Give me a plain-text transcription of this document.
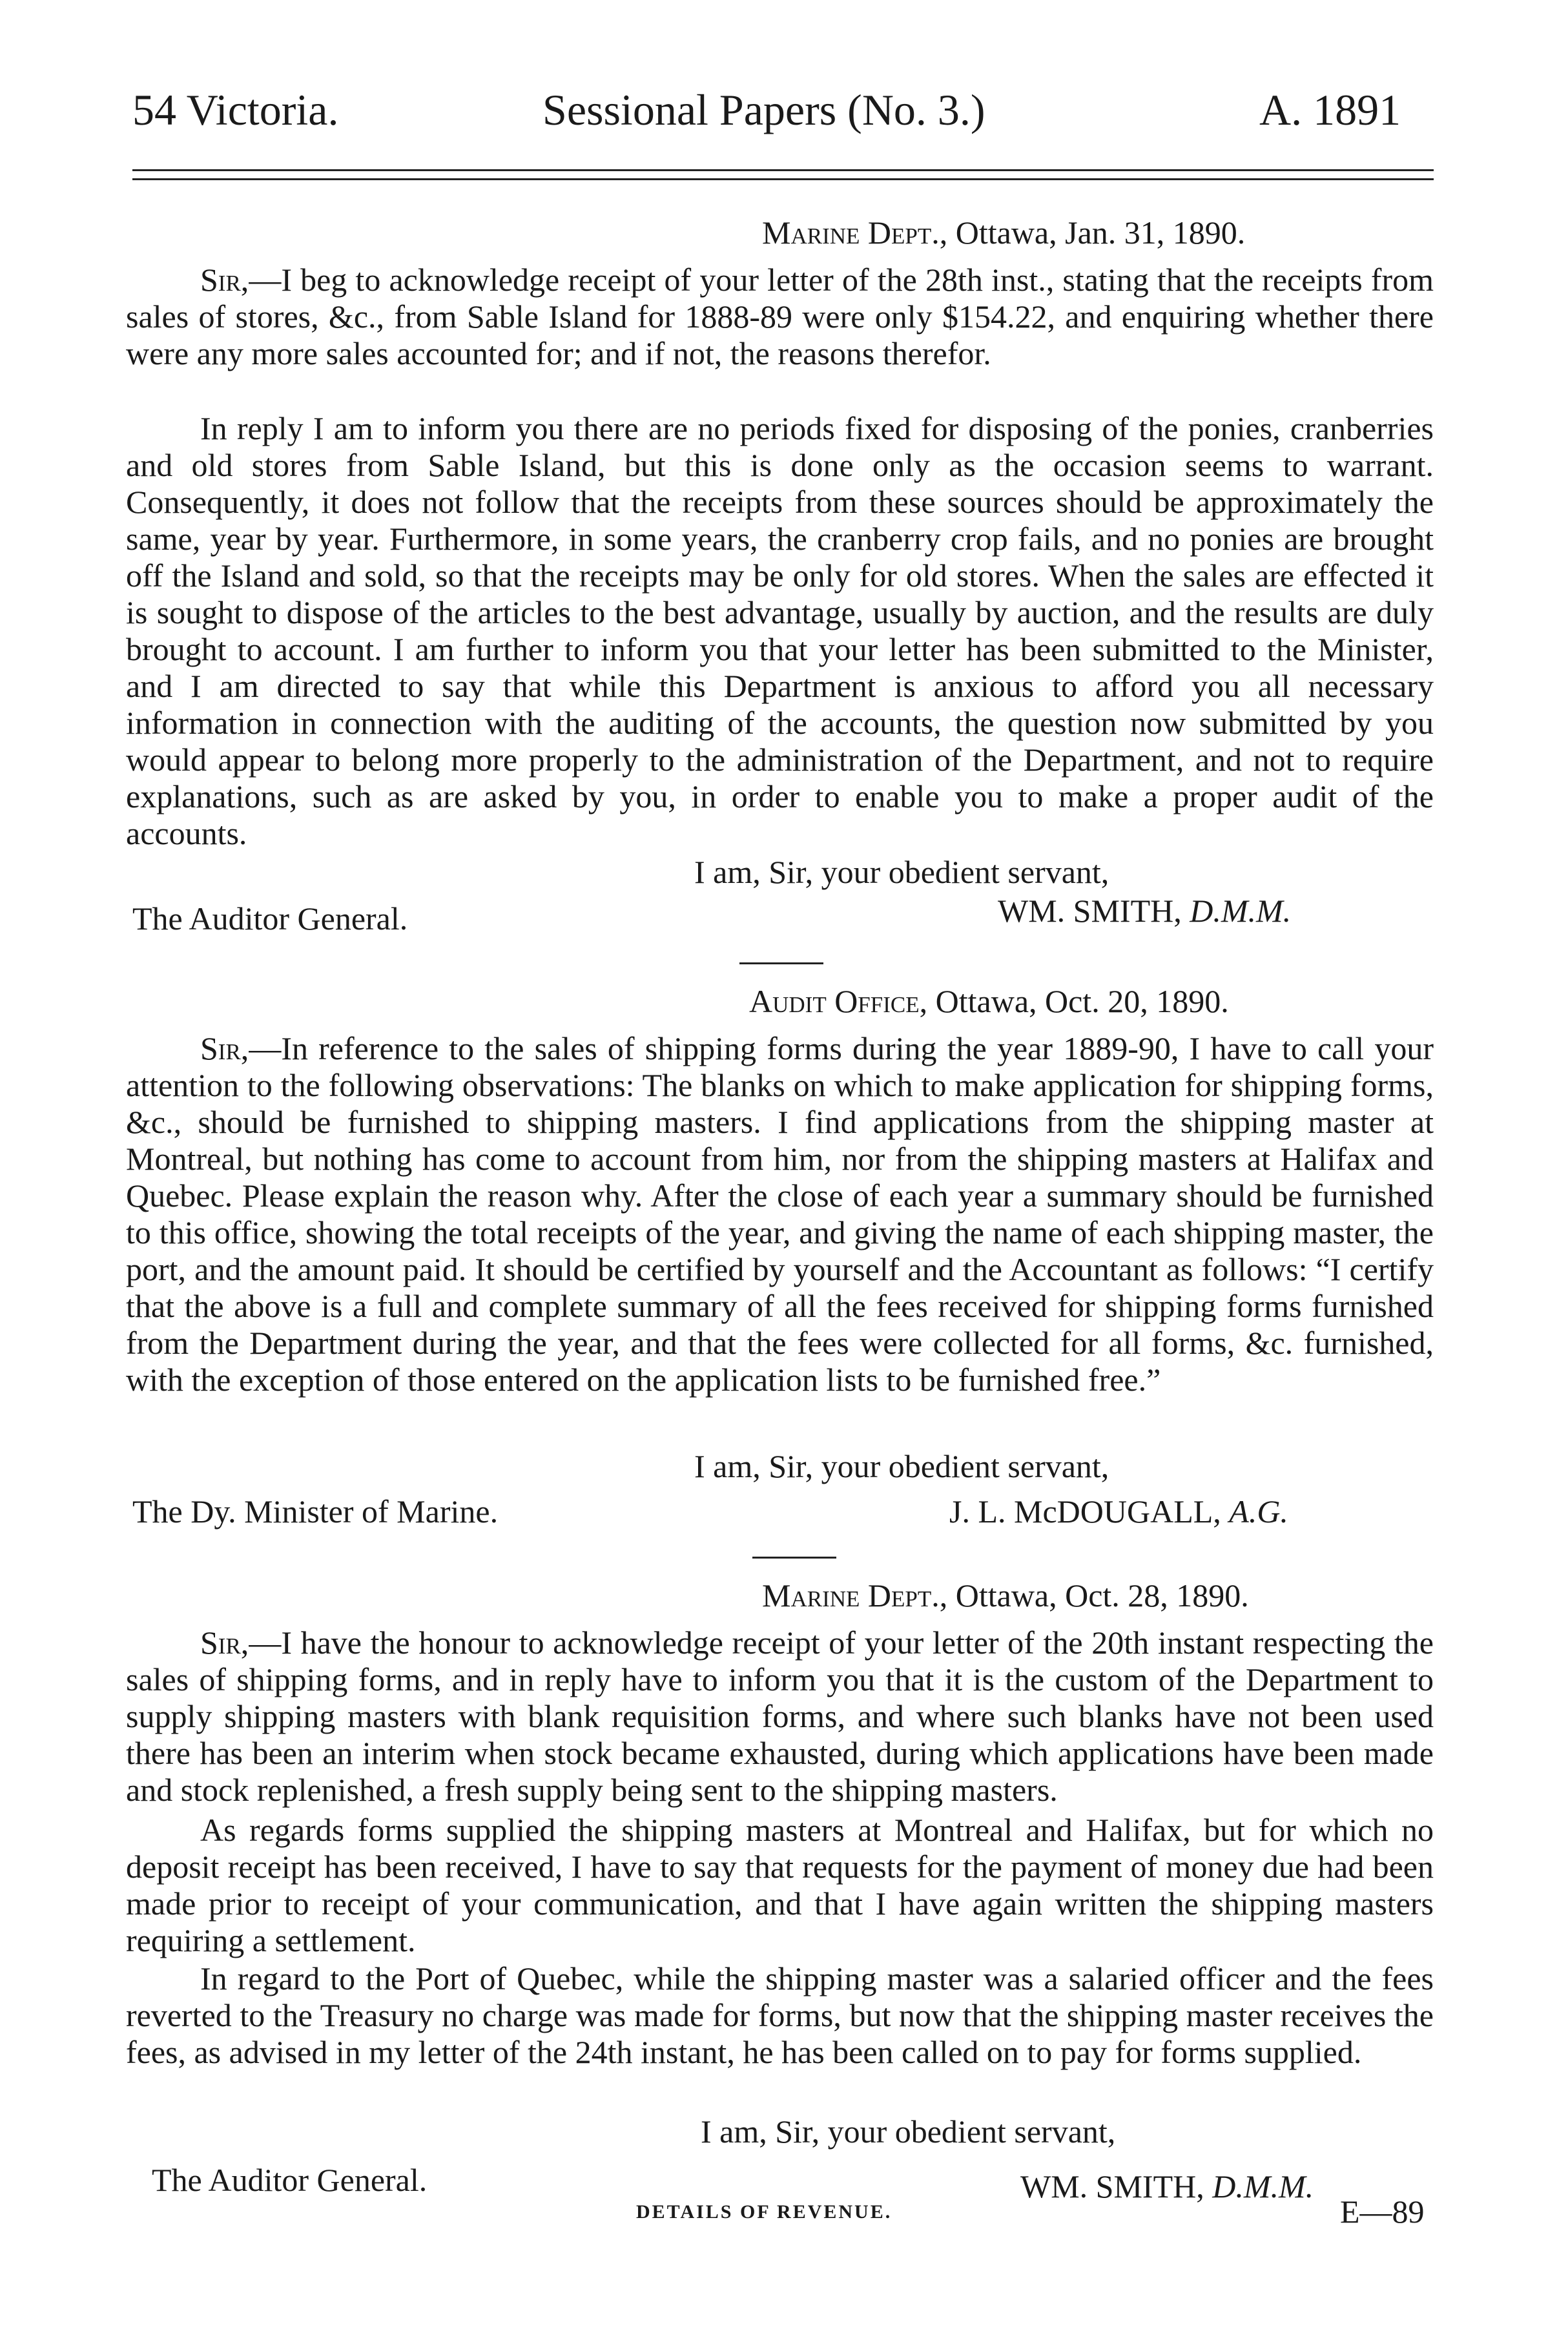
54 Victoria.	Sessional Papers (No. 3.)	A. 1891
Marine Dept., Ottawa, Jan. 31, 1890.
Sir,—I beg to acknowledge receipt of your letter of the 28th inst., stating that the receipts from sales of stores, &c., from Sable Island for 1888-89 were only $154.22, and enquiring whether there were any more sales accounted for; and if not, the reasons therefor.
In reply I am to inform you there are no periods fixed for disposing of the ponies, cranberries and old stores from Sable Island, but this is done only as the occasion seems to warrant. Consequently, it does not follow that the receipts from these sources should be approximately the same, year by year. Furthermore, in some years, the cranberry crop fails, and no ponies are brought off the Island and sold, so that the receipts may be only for old stores. When the sales are effected it is sought to dispose of the articles to the best advantage, usually by auction, and the results are duly brought to account. I am further to inform you that your letter has been submitted to the Minister, and I am directed to say that while this Department is anxious to afford you all necessary information in connection with the auditing of the accounts, the question now submitted by you would appear to belong more properly to the administration of the Department, and not to require explanations, such as are asked by you, in order to enable you to make a proper audit of the accounts.
I am, Sir, your obedient servant,
The Auditor General.	WM. SMITH, D.M.M.
Audit Office, Ottawa, Oct. 20, 1890.
Sir,—In reference to the sales of shipping forms during the year 1889-90, I have to call your attention to the following observations: The blanks on which to make application for shipping forms, &c., should be furnished to shipping masters. I find applications from the shipping master at Montreal, but nothing has come to account from him, nor from the shipping masters at Halifax and Quebec. Please explain the reason why. After the close of each year a summary should be furnished to this office, showing the total receipts of the year, and giving the name of each shipping master, the port, and the amount paid. It should be certified by yourself and the Accountant as follows: “I certify that the above is a full and complete summary of all the fees received for shipping forms furnished from the Department during the year, and that the fees were collected for all forms, &c. furnished, with the exception of those entered on the application lists to be furnished free.”
I am, Sir, your obedient servant,
The Dy. Minister of Marine.	J. L. McDOUGALL, A.G.
Marine Dept., Ottawa, Oct. 28, 1890.
Sir,—I have the honour to acknowledge receipt of your letter of the 20th instant respecting the sales of shipping forms, and in reply have to inform you that it is the custom of the Department to supply shipping masters with blank requisition forms, and where such blanks have not been used there has been an interim when stock became exhausted, during which applications have been made and stock replenished, a fresh supply being sent to the shipping masters.
As regards forms supplied the shipping masters at Montreal and Halifax, but for which no deposit receipt has been received, I have to say that requests for the payment of money due had been made prior to receipt of your communication, and that I have again written the shipping masters requiring a settlement.
In regard to the Port of Quebec, while the shipping master was a salaried officer and the fees reverted to the Treasury no charge was made for forms, but now that the shipping master receives the fees, as advised in my letter of the 24th instant, he has been called on to pay for forms supplied.
I am, Sir, your obedient servant,
The Auditor General.	WM. SMITH, D.M.M.
DETAILS OF REVENUE.	E—89
